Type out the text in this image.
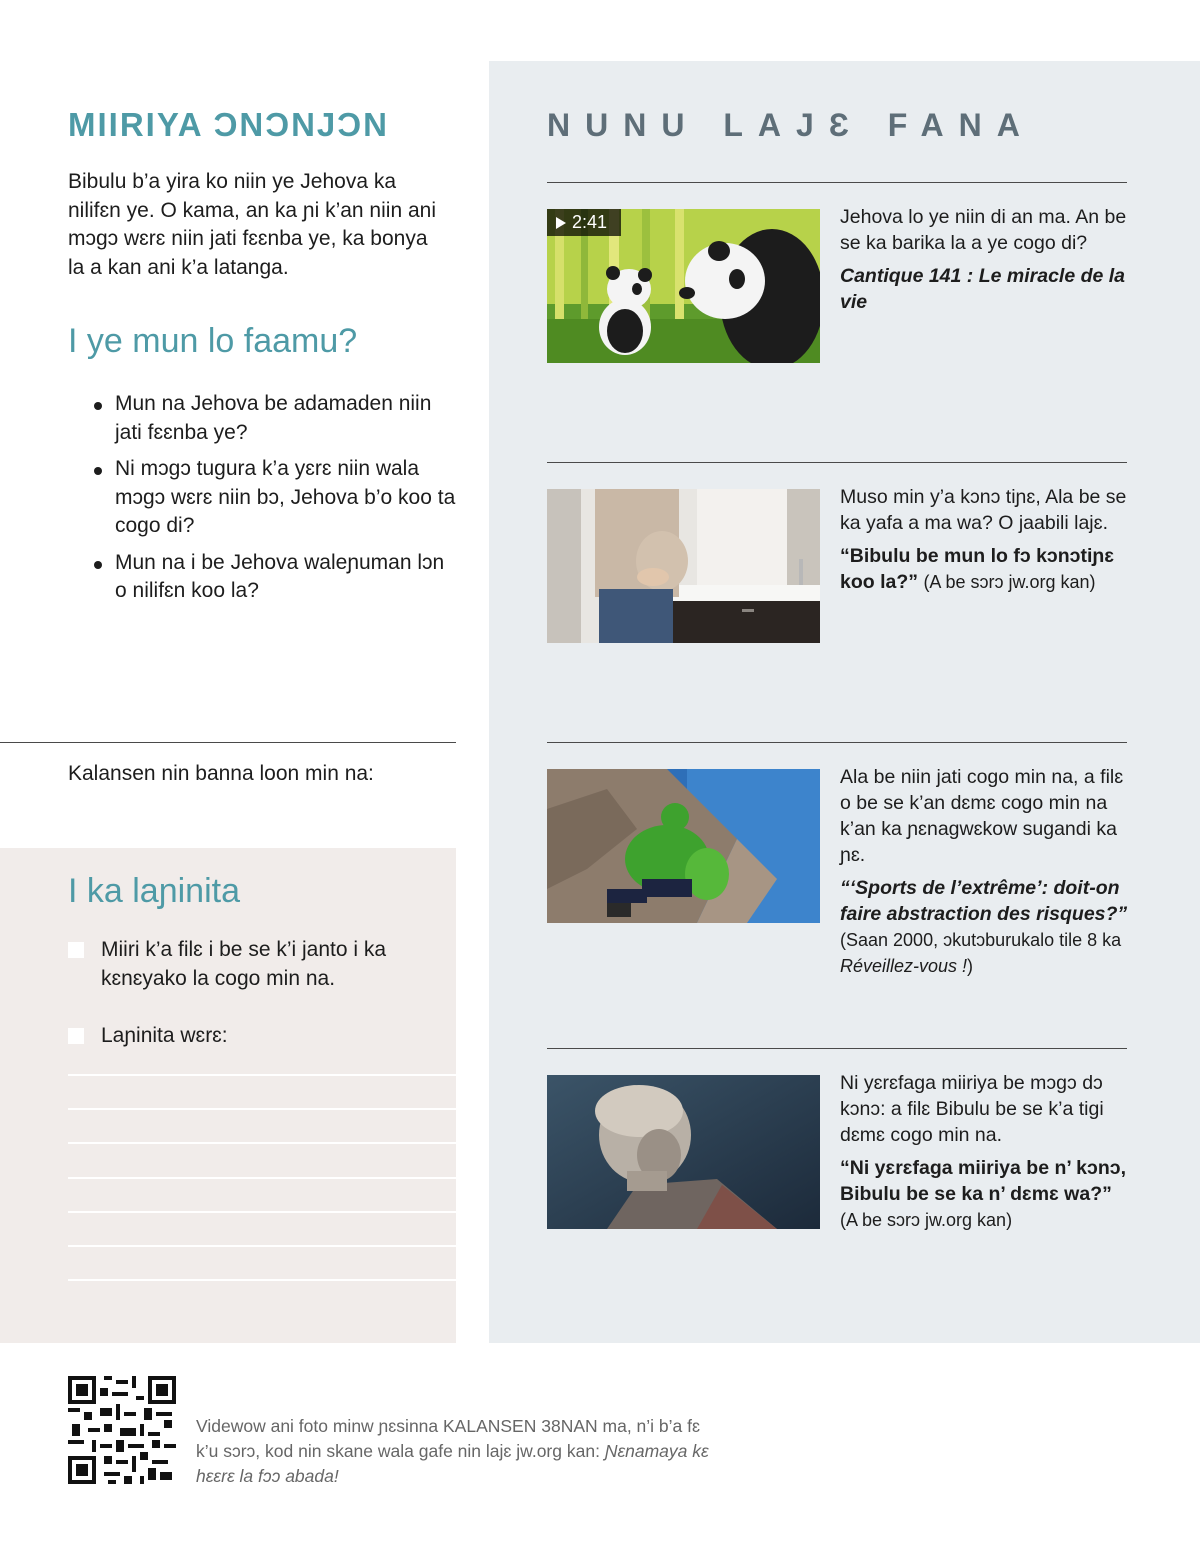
MIIRIYA ƆNƆNJƆN

Bibulu b’a yira ko niin ye Jehova ka nilifɛn ye. O kama, an ka ɲi k’an niin ani mɔgɔ wɛrɛ niin jati fɛɛnba ye, ka bonya la a kan ani k’a latanga.

I ye mun lo faamu?
Mun na Jehova be adamaden niin jati fɛɛnba ye?
Ni mɔgɔ tugura k’a yɛrɛ niin wala mɔgɔ wɛrɛ niin bɔ, Jehova b’o koo ta cogo di?
Mun na i be Jehova waleɲuman lɔn o nilifɛn koo la?

Kalansen nin banna loon min na:

I ka laɲinita
Miiri k’a filɛ i be se k’i janto i ka kɛnɛyako la cogo min na.
Laɲinita wɛrɛ:
NUNU LAJƐ FANA
2:41	Jehova lo ye niin di an ma. An be se ka barika la a ye cogo di?

Cantique 141 : Le miracle de la vie

Muso min y’a kɔnɔ tiɲɛ, Ala be se ka yafa a ma wa? O jaabili lajɛ.

“Bibulu be mun lo fɔ kɔnɔtiɲɛ koo la?” (A be sɔrɔ jw.org kan)

Ala be niin jati cogo min na, a filɛ o be se k’an dɛmɛ cogo min na k’an ka ɲɛnagwɛkow sugandi ka ɲɛ.

“‘Sports de l’extrême’: doit-on faire abstraction des risques?” (Saan 2000, ɔkutɔburukalo tile 8 ka Réveillez-vous !)

Ni yɛrɛfaga miiriya be mɔgɔ dɔ kɔnɔ: a filɛ Bibulu be se k’a tigi dɛmɛ cogo min na.

“Ni yɛrɛfaga miiriya be n’ kɔnɔ, Bibulu be se ka n’ dɛmɛ wa?” (A be sɔrɔ jw.org kan)

Videwow ani foto minw ɲɛsinna KALANSEN 38NAN ma, n’i b’a fɛ k’u sɔrɔ, kod nin skane wala gafe nin lajɛ jw.org kan: Ɲɛnamaya kɛ hɛɛrɛ la fɔɔ abada!
